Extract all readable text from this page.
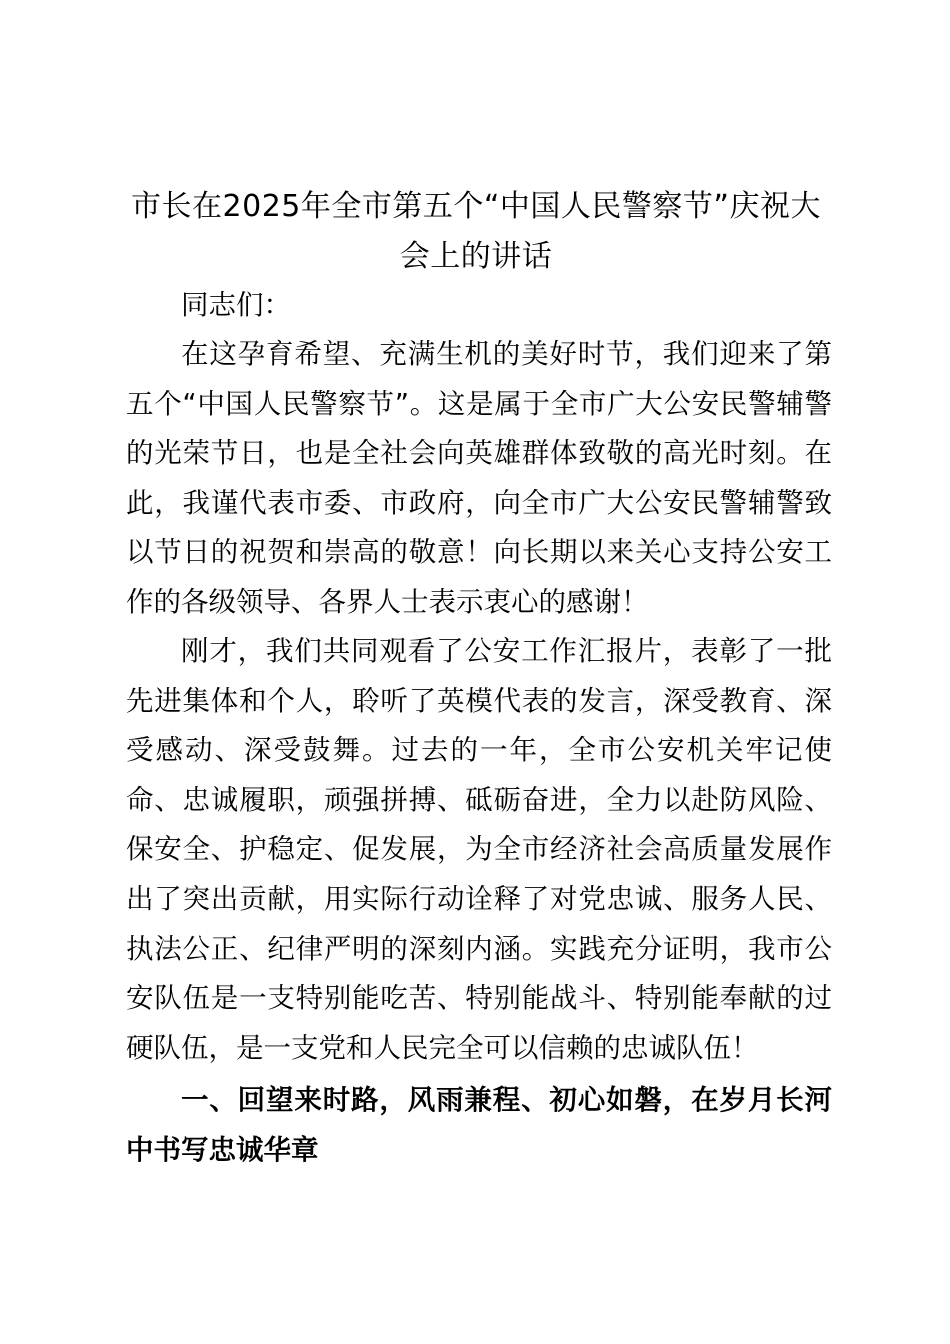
市长在2025年全市第五个“中国人民警察节”庆祝大会上的讲话

同志们：

在这孕育希望、充满生机的美好时节，我们迎来了第五个“中国人民警察节”。这是属于全市广大公安民警辅警的光荣节日，也是全社会向英雄群体致敬的高光时刻。在此，我谨代表市委、市政府，向全市广大公安民警辅警致以节日的祝贺和崇高的敬意！向长期以来关心支持公安工作的各级领导、各界人士表示衷心的感谢！

刚才，我们共同观看了公安工作汇报片，表彰了一批先进集体和个人，聆听了英模代表的发言，深受教育、深受感动、深受鼓舞。过去的一年，全市公安机关牢记使命、忠诚履职，顽强拼搏、砥砺奋进，全力以赴防风险、保安全、护稳定、促发展，为全市经济社会高质量发展作出了突出贡献，用实际行动诠释了对党忠诚、服务人民、执法公正、纪律严明的深刻内涵。实践充分证明，我市公安队伍是一支特别能吃苦、特别能战斗、特别能奉献的过硬队伍，是一支党和人民完全可以信赖的忠诚队伍！

一、回望来时路，风雨兼程、初心如磐，在岁月长河中书写忠诚华章
